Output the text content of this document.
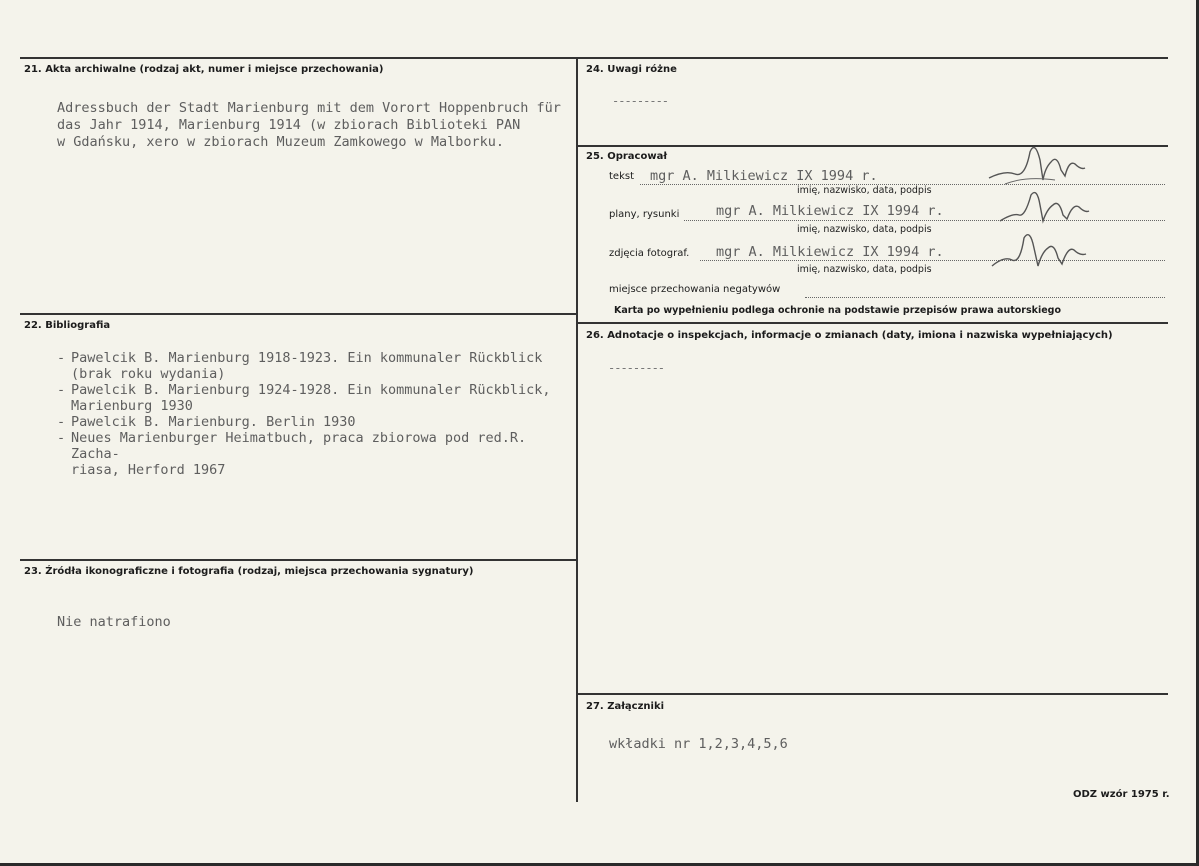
21. Akta archiwalne (rodzaj akt, numer i miejsce przechowania)
Adressbuch der Stadt Marienburg mit dem Vorort Hoppenbruch für
das Jahr 1914, Marienburg 1914 (w zbiorach Biblioteki PAN
w Gdańsku, xero w zbiorach Muzeum Zamkowego w Malborku.
22. Bibliografia
- Pawelcik B. Marienburg 1918-1923. Ein kommunaler Rückblick
(brak roku wydania)
- Pawelcik B. Marienburg 1924-1928. Ein kommunaler Rückblick,
Marienburg 1930
- Pawelcik B. Marienburg. Berlin 1930
- Neues Marienburger Heimatbuch, praca zbiorowa pod red.R. Zacha-
riasa, Herford 1967
23. Źródła ikonograficzne i fotografia (rodzaj, miejsca przechowania sygnatury)
Nie natrafiono
24. Uwagi różne
---------
25. Opracował
tekst mgr A. Milkiewicz IX 1994 r.
imię, nazwisko, data, podpis
plany, rysunki	mgr A. Milkiewicz IX 1994 r.
imię, nazwisko, data, podpis
zdjęcia fotograf. mgr A. Milkiewicz IX 1994 r.
imię, nazwisko, data, podpis
miejsce przechowania negatywów
Karta po wypełnieniu podlega ochronie na podstawie przepisów prawa autorskiego
26. Adnotacje o inspekcjach, informacje o zmianach (daty, imiona i nazwiska wypełniających)
---------
27. Załączniki
wkładki nr 1,2,3,4,5,6
ODZ wzór 1975 r.
